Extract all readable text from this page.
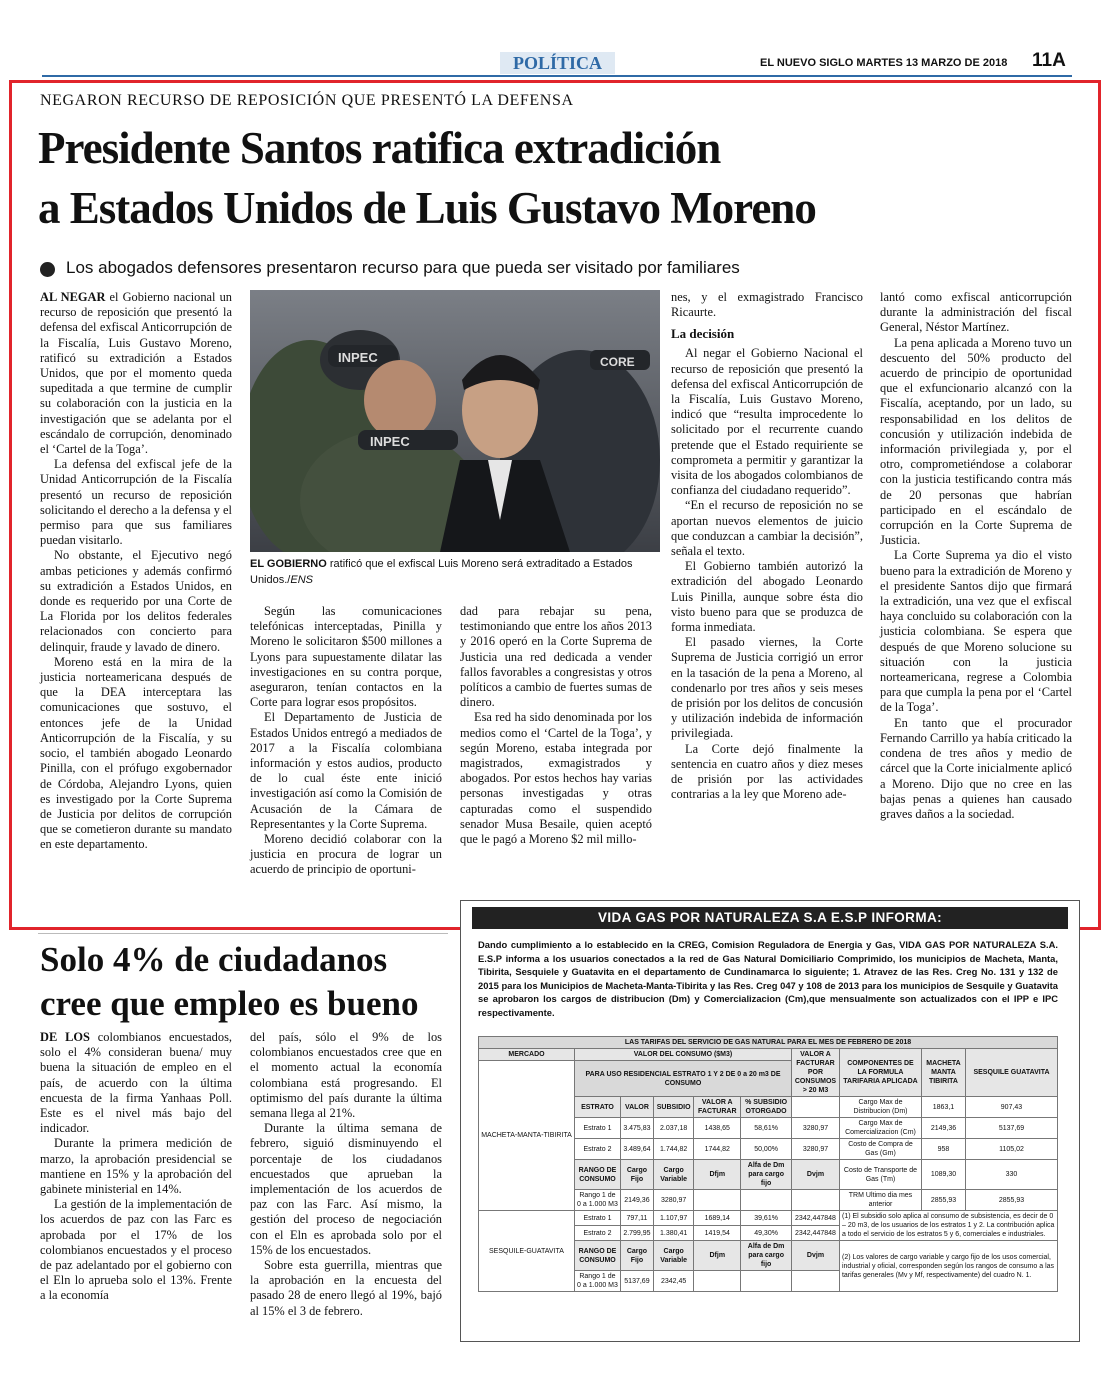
POLÍTICA	EL NUEVO SIGLO MARTES 13 MARZO DE 2018 11A
NEGARON RECURSO DE REPOSICIÓN QUE PRESENTÓ LA DEFENSA
Presidente Santos ratifica extradición
a Estados Unidos de Luis Gustavo Moreno
Los abogados defensores presentaron recurso para que pueda ser visitado por familiares

AL NEGAR el Gobierno nacional un recurso de reposición que presentó la defensa del exfiscal Anticorrupción de la Fiscalía, Luis Gustavo Moreno, ratificó su extradición a Estados Unidos, que por el momento queda supeditada a que termine de cumplir su colaboración con la justicia en la investigación que se adelanta por el escándalo de corrupción, denominado el ‘Cartel de la Toga’.

La defensa del exfiscal jefe de la Unidad Anticorrupción de la Fiscalía presentó un recurso de reposición solicitando el derecho a la defensa y el permiso para que sus familiares puedan visitarlo.

No obstante, el Ejecutivo negó ambas peticiones y además confirmó su extradición a Estados Unidos, en donde es requerido por una Corte de La Florida por los delitos federales relacionados con concierto para delinquir, fraude y lavado de dinero.

Moreno está en la mira de la justicia norteamericana después de que la DEA interceptara las comunicaciones que sostuvo, el entonces jefe de la Unidad Anticorrupción de la Fiscalía, y su socio, el también abogado Leonardo Pinilla, con el prófugo exgobernador de Córdoba, Alejandro Lyons, quien es investigado por la Corte Suprema de Justicia por delitos de corrupción que se cometieron durante su mandato en este departamento.

INPEC
INPEC
CORE
EL GOBIERNO ratificó que el exfiscal Luis Moreno será extraditado a Estados Unidos./ENS

Según las comunicaciones telefónicas interceptadas, Pinilla y Moreno le solicitaron $500 millones a Lyons para supuestamente dilatar las investigaciones en su contra porque, aseguraron, tenían contactos en la Corte para lograr esos propósitos.

El Departamento de Justicia de Estados Unidos entregó a mediados de 2017 a la Fiscalía colombiana información y estos audios, producto de lo cual éste ente inició investigación así como la Comisión de Acusación de la Cámara de Representantes y la Corte Suprema.

Moreno decidió colaborar con la justicia en procura de lograr un acuerdo de principio de oportuni-

dad para rebajar su pena, testimoniando que entre los años 2013 y 2016 operó en la Corte Suprema de Justicia una red dedicada a vender fallos favorables a congresistas y otros políticos a cambio de fuertes sumas de dinero.

Esa red ha sido denominada por los medios como el ‘Cartel de la Toga’, y según Moreno, estaba integrada por magistrados, exmagistrados y abogados. Por estos hechos hay varias personas investigadas y otras capturadas como el suspendido senador Musa Besaile, quien aceptó que le pagó a Moreno $2 mil millo-

nes, y el exmagistrado Francisco Ricaurte.

La decisión

Al negar el Gobierno Nacional el recurso de reposición que presentó la defensa del exfiscal Anticorrupción de la Fiscalía, Luis Gustavo Moreno, indicó que “resulta improcedente lo solicitado por el recurrente cuando pretende que el Estado requiriente se comprometa a permitir y garantizar la visita de los abogados colombianos de confianza del ciudadano requerido”.

“En el recurso de reposición no se aportan nuevos elementos de juicio que conduzcan a cambiar la decisión”, señala el texto.

El Gobierno también autorizó la extradición del abogado Leonardo Luis Pinilla, aunque sobre ésta dio visto bueno para que se produzca de forma inmediata.

El pasado viernes, la Corte Suprema de Justicia corrigió un error en la tasación de la pena a Moreno, al condenarlo por tres años y seis meses de prisión por los delitos de concusión y utilización indebida de información privilegiada.

La Corte dejó finalmente la sentencia en cuatro años y diez meses de prisión por las actividades contrarias a la ley que Moreno ade-

lantó como exfiscal anticorrupción durante la administración del fiscal General, Néstor Martínez.

La pena aplicada a Moreno tuvo un descuento del 50% producto del acuerdo de principio de oportunidad que el exfuncionario alcanzó con la Fiscalía, aceptando, por un lado, su responsabilidad en los delitos de concusión y utilización indebida de información privilegiada y, por el otro, comprometiéndose a colaborar con la justicia testificando contra más de 20 personas que habrían participado en el escándalo de corrupción en la Corte Suprema de Justicia.

La Corte Suprema ya dio el visto bueno para la extradición de Moreno y el presidente Santos dijo que firmará la extradición, una vez que el exfiscal haya concluido su colaboración con la justicia colombiana. Se espera que después de que Moreno solucione su situación con la justicia norteamericana, regrese a Colombia para que cumpla la pena por el ‘Cartel de la Toga’.

En tanto que el procurador Fernando Carrillo ya había criticado la condena de tres años y medio de cárcel que la Corte inicialmente aplicó a Moreno. Dijo que no cree en las bajas penas a quienes han causado graves daños a la sociedad.

Solo 4% de ciudadanos
cree que empleo es bueno

DE LOS colombianos encuestados, solo el 4% consideran buena/ muy buena la situación de empleo en el país, de acuerdo con la última encuesta de la firma Yanhaas Poll. Este es el nivel más bajo del indicador.

Durante la primera medición de marzo, la aprobación presidencial se mantiene en 15% y la aprobación del gabinete ministerial en 14%.

La gestión de la implementación de los acuerdos de paz con las Farc es aprobada por el 17% de los colombianos encuestados y el proceso de paz adelantado por el gobierno con el Eln lo aprueba solo el 13%. Frente a la economía

del país, sólo el 9% de los colombianos encuestados cree que en el momento actual la economía colombiana está progresando. El optimismo del país durante la última semana llega al 21%.

Durante la última semana de febrero, siguió disminuyendo el porcentaje de los ciudadanos encuestados que aprueban la implementación de los acuerdos de paz con las Farc. Así mismo, la gestión del proceso de negociación con el Eln es aprobada solo por el 15% de los encuestados.

Sobre esta guerrilla, mientras que la aprobación en la encuesta del pasado 28 de enero llegó al 19%, bajó al 15% el 3 de febrero.

VIDA GAS POR NATURALEZA S.A E.S.P INFORMA:
Dando cumplimiento a lo establecido en la CREG, Comision Reguladora de Energia y Gas, VIDA GAS POR NATURALEZA S.A. E.S.P informa a los usuarios conectados a la red de Gas Natural Domiciliario Comprimido, los municipios de Macheta, Manta, Tibirita, Sesquiele y Guatavita en el departamento de Cundinamarca lo siguiente; 1. Atravez de las Res. Creg No. 131 y 132 de 2015 para los Municipios de Macheta-Manta-Tibirita y las Res. Creg 047 y 108 de 2013 para los municipios de Sesquile y Guatavita se aprobaron los cargos de distribucion (Dm) y Comercializacion (Cm),que mensualmente son actualizados con el IPP e IPC respectivamente.
LAS TARIFAS DEL SERVICIO DE GAS NATURAL PARA EL MES DE FEBRERO DE 2018									
MERCADO	VALOR DEL CONSUMO ($M3)					VALOR A FACTURAR POR CONSUMOS > 20 M3	COMPONENTES DE LA FORMULA TARIFARIA APLICADA	MACHETA MANTA TIBIRITA	SESQUILE GUATAVITA

MACHETA-MANTA-TIBIRITA	PARA USO RESIDENCIAL ESTRATO 1 Y 2 DE 0 a 20 m3 DE CONSUMO								
	ESTRATO	VALOR	SUBSIDIO	VALOR A FACTURAR	% SUBSIDIO OTORGADO		Cargo Max de Distribucion (Dm)	1863,1	907,43
	Estrato 1	3.475,83	2.037,18	1438,65	58,61%	3280,97	Cargo Max de Comercializacion (Cm)	2149,36	5137,69
	Estrato 2	3.489,64	1.744,82	1744,82	50,00%	3280,97	Costo de Compra de Gas (Gm)	958	1105,02
	RANGO DE CONSUMO	Cargo Fijo	Cargo Variable	Dfjm	Alfa de Dm para cargo fijo	Dvjm	Costo de Transporte de Gas (Tm)	1089,30	330
	Rango 1 de 0 a 1.000 M3	2149,36	3280,97				TRM Ultimo dia mes anterior	2855,93	2855,93
SESQUILE-GUATAVITA	Estrato 1	797,11	1.107,97	1689,14	39,61%	2342,447848	(1) El subsidio solo aplica al consumo de subsistencia, es decir de 0 – 20 m3, de los usuarios de los estratos 1 y 2. La contribución aplica a todo el servicio de los estratos 5 y 6, comerciales e industriales.		
	Estrato 2	2.799,95	1.380,41	1419,54	49,30%	2342,447848			
	RANGO DE CONSUMO	Cargo Fijo	Cargo Variable	Dfjm	Alfa de Dm para cargo fijo	Dvjm	(2) Los valores de cargo variable y cargo fijo de los usos comercial, industrial y oficial, corresponden según los rangos de consumo a las tarifas generales (Mv y Mf, respectivamente) del cuadro N. 1.		
	Rango 1 de 0 a 1.000 M3	5137,69	2342,45						
